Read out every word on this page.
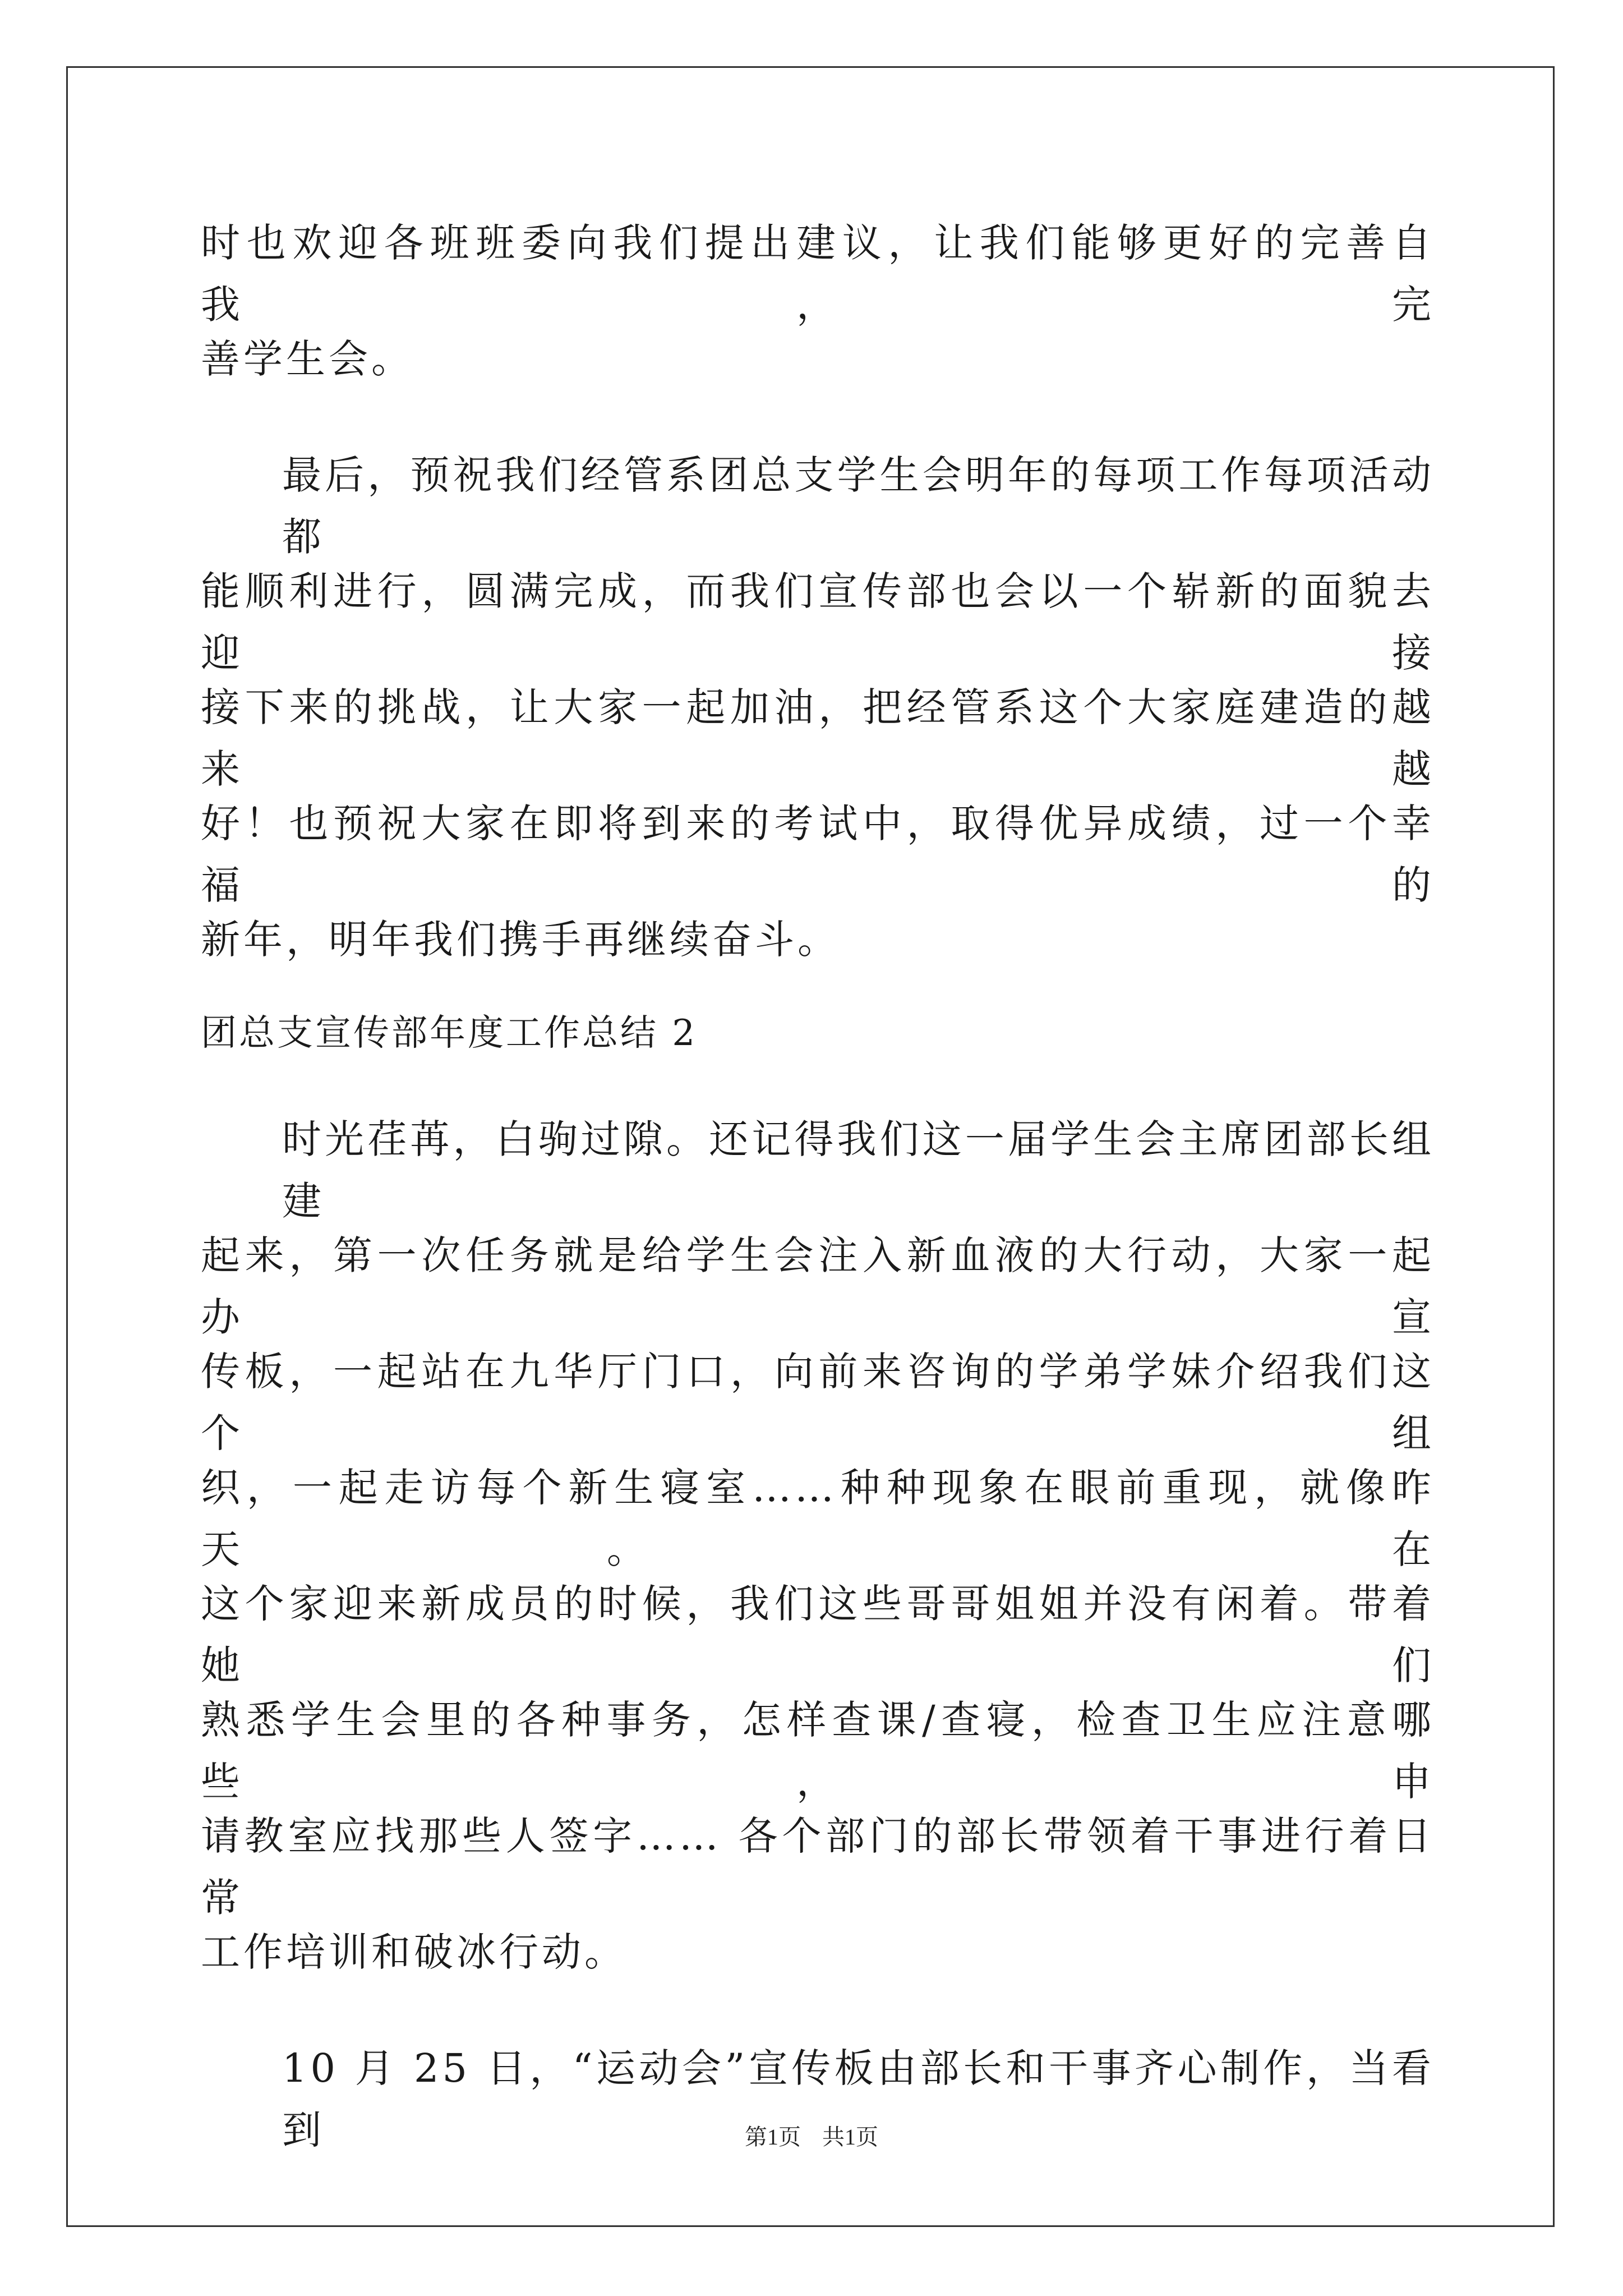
时也欢迎各班班委向我们提出建议，让我们能够更好的完善自我，完
善学生会。
最后，预祝我们经管系团总支学生会明年的每项工作每项活动都
能顺利进行，圆满完成，而我们宣传部也会以一个崭新的面貌去迎接
接下来的挑战，让大家一起加油，把经管系这个大家庭建造的越来越
好！也预祝大家在即将到来的考试中，取得优异成绩，过一个幸福的
新年，明年我们携手再继续奋斗。
团总支宣传部年度工作总结 2
时光荏苒，白驹过隙。还记得我们这一届学生会主席团部长组建
起来，第一次任务就是给学生会注入新血液的大行动，大家一起办宣
传板，一起站在九华厅门口，向前来咨询的学弟学妹介绍我们这个组
织，一起走访每个新生寝室……种种现象在眼前重现，就像昨天。 在
这个家迎来新成员的时候，我们这些哥哥姐姐并没有闲着。带着她们
熟悉学生会里的各种事务，怎样查课/查寝，检查卫生应注意哪些，申
请教室应找那些人签字…… 各个部门的部长带领着干事进行着日常
工作培训和破冰行动。
10 月 25 日，“运动会”宣传板由部长和干事齐心制作，当看到	第1页 共1页
